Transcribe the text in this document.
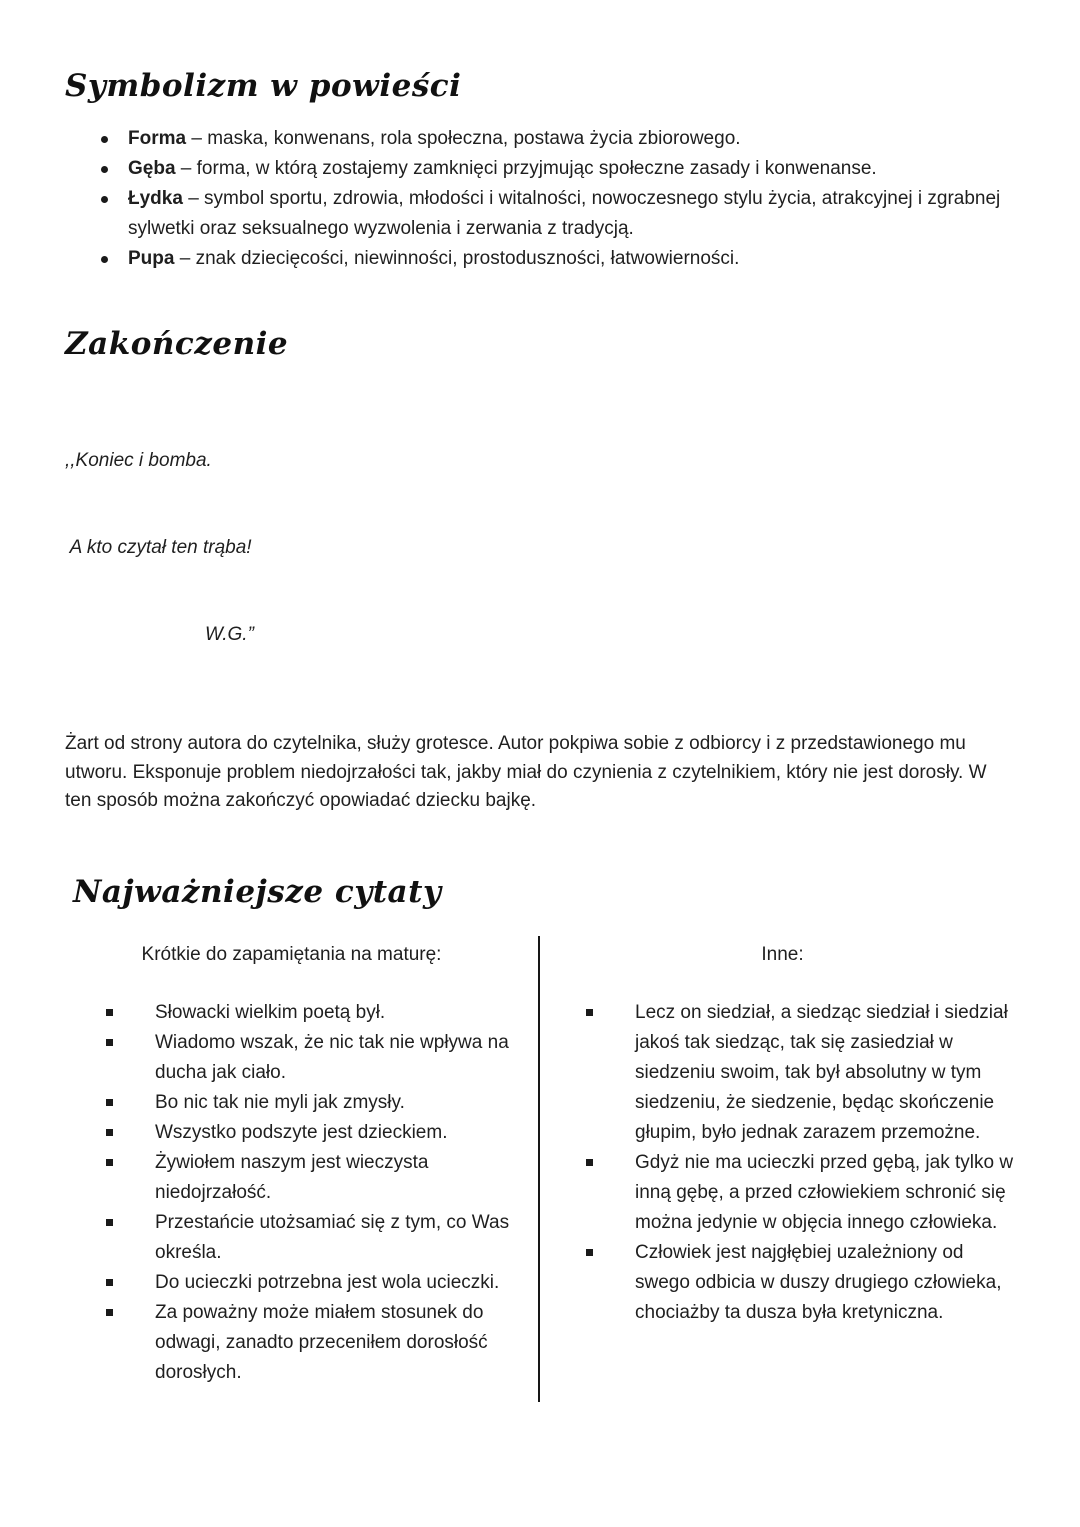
Symbolizm w powieści
Forma – maska, konwenans, rola społeczna, postawa życia zbiorowego.
Gęba – forma, w którą zostajemy zamknięci przyjmując społeczne zasady i konwenanse.
Łydka – symbol sportu, zdrowia, młodości i witalności, nowoczesnego stylu życia, atrakcyjnej i zgrabnej sylwetki oraz seksualnego wyzwolenia i zerwania z tradycją.
Pupa – znak dziecięcości, niewinności, prostoduszności, łatwowierności.
Zakończenie

,,Koniec i bomba.

A kto czytał ten trąba!

W.G.”

Żart od strony autora do czytelnika, służy grotesce. Autor pokpiwa sobie z odbiorcy i z przedstawionego mu utworu. Eksponuje problem niedojrzałości tak, jakby miał do czynienia z czytelnikiem, który nie jest dorosły. W ten sposób można zakończyć opowiadać dziecku bajkę.
Najważniejsze cytaty
Krótkie do zapamiętania na maturę:
Słowacki wielkim poetą był.
Wiadomo wszak, że nic tak nie wpływa na ducha jak ciało.
Bo nic tak nie myli jak zmysły.
Wszystko podszyte jest dzieckiem.
Żywiołem naszym jest wieczysta niedojrzałość.
Przestańcie utożsamiać się z tym, co Was określa.
Do ucieczki potrzebna jest wola ucieczki.
Za poważny może miałem stosunek do odwagi, zanadto przeceniłem dorosłość dorosłych.
Inne:
Lecz on siedział, a siedząc siedział i siedział jakoś tak siedząc, tak się zasiedział w siedzeniu swoim, tak był absolutny w tym siedzeniu, że siedzenie, będąc skończenie głupim, było jednak zarazem przemożne.
Gdyż nie ma ucieczki przed gębą, jak tylko w inną gębę, a przed człowiekiem schronić się można jedynie w objęcia innego człowieka.
Człowiek jest najgłębiej uzależniony od swego odbicia w duszy drugiego człowieka, chociażby ta dusza była kretyniczna.
